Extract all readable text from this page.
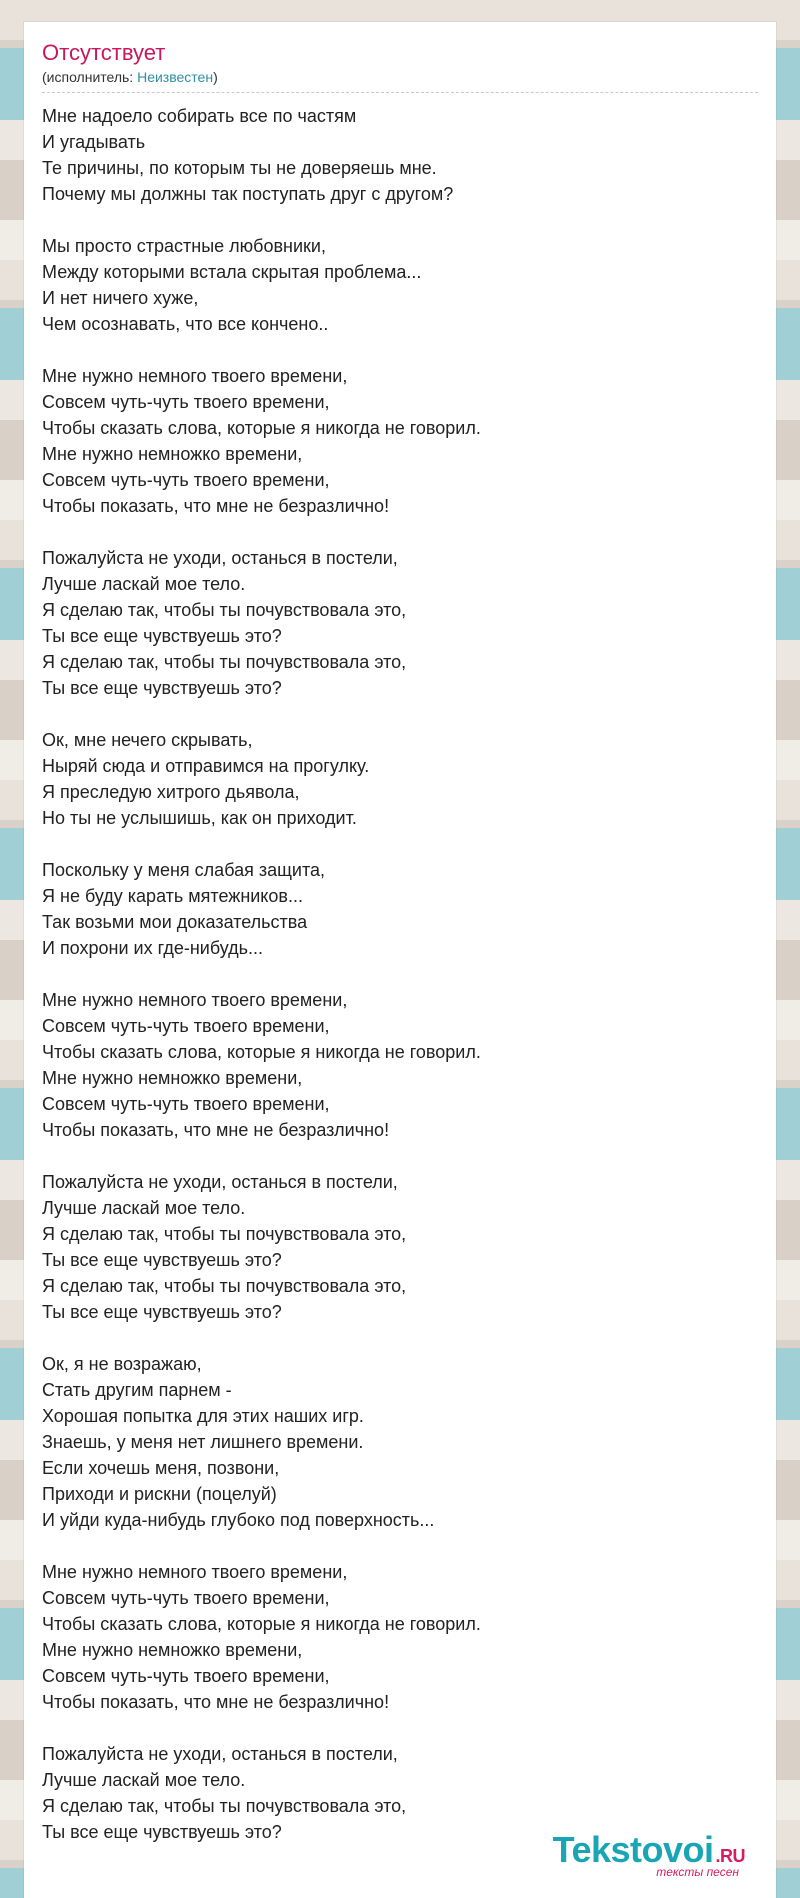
Отсутствует
(исполнитель: Неизвестен)
Мне надоело собирать все по частям
И угадывать
Те причины, по которым ты не доверяешь мне.
Почему мы должны так поступать друг с другом?

Мы просто страстные любовники,
Между которыми встала скрытая проблема...
И нет ничего хуже,
Чем осознавать, что все кончено..

Мне нужно немного твоего времени,
Совсем чуть-чуть твоего времени,
Чтобы сказать слова, которые я никогда не говорил.
Мне нужно немножко времени,
Совсем чуть-чуть твоего времени,
Чтобы показать, что мне не безразлично!

Пожалуйста не уходи, останься в постели,
Лучше ласкай мое тело.
Я сделаю так, чтобы ты почувствовала это,
Ты все еще чувствуешь это?
Я сделаю так, чтобы ты почувствовала это,
Ты все еще чувствуешь это?

Ок, мне нечего скрывать,
Ныряй сюда и отправимся на прогулку.
Я преследую хитрого дьявола,
Но ты не услышишь, как он приходит.

Поскольку у меня слабая защита,
Я не буду карать мятежников...
Так возьми мои доказательства
И похрони их где-нибудь...

Мне нужно немного твоего времени,
Совсем чуть-чуть твоего времени,
Чтобы сказать слова, которые я никогда не говорил.
Мне нужно немножко времени,
Совсем чуть-чуть твоего времени,
Чтобы показать, что мне не безразлично!

Пожалуйста не уходи, останься в постели,
Лучше ласкай мое тело.
Я сделаю так, чтобы ты почувствовала это,
Ты все еще чувствуешь это?
Я сделаю так, чтобы ты почувствовала это,
Ты все еще чувствуешь это?

Ок, я не возражаю,
Стать другим парнем -
Хорошая попытка для этих наших игр.
Знаешь, у меня нет лишнего времени.
Если хочешь меня, позвони,
Приходи и рискни (поцелуй)
И уйди куда-нибудь глубоко под поверхность...

Мне нужно немного твоего времени,
Совсем чуть-чуть твоего времени,
Чтобы сказать слова, которые я никогда не говорил.
Мне нужно немножко времени,
Совсем чуть-чуть твоего времени,
Чтобы показать, что мне не безразлично!

Пожалуйста не уходи, останься в постели,
Лучше ласкай мое тело.
Я сделаю так, чтобы ты почувствовала это,
Ты все еще чувствуешь это?	Tekstovoi .RU
тексты песен
